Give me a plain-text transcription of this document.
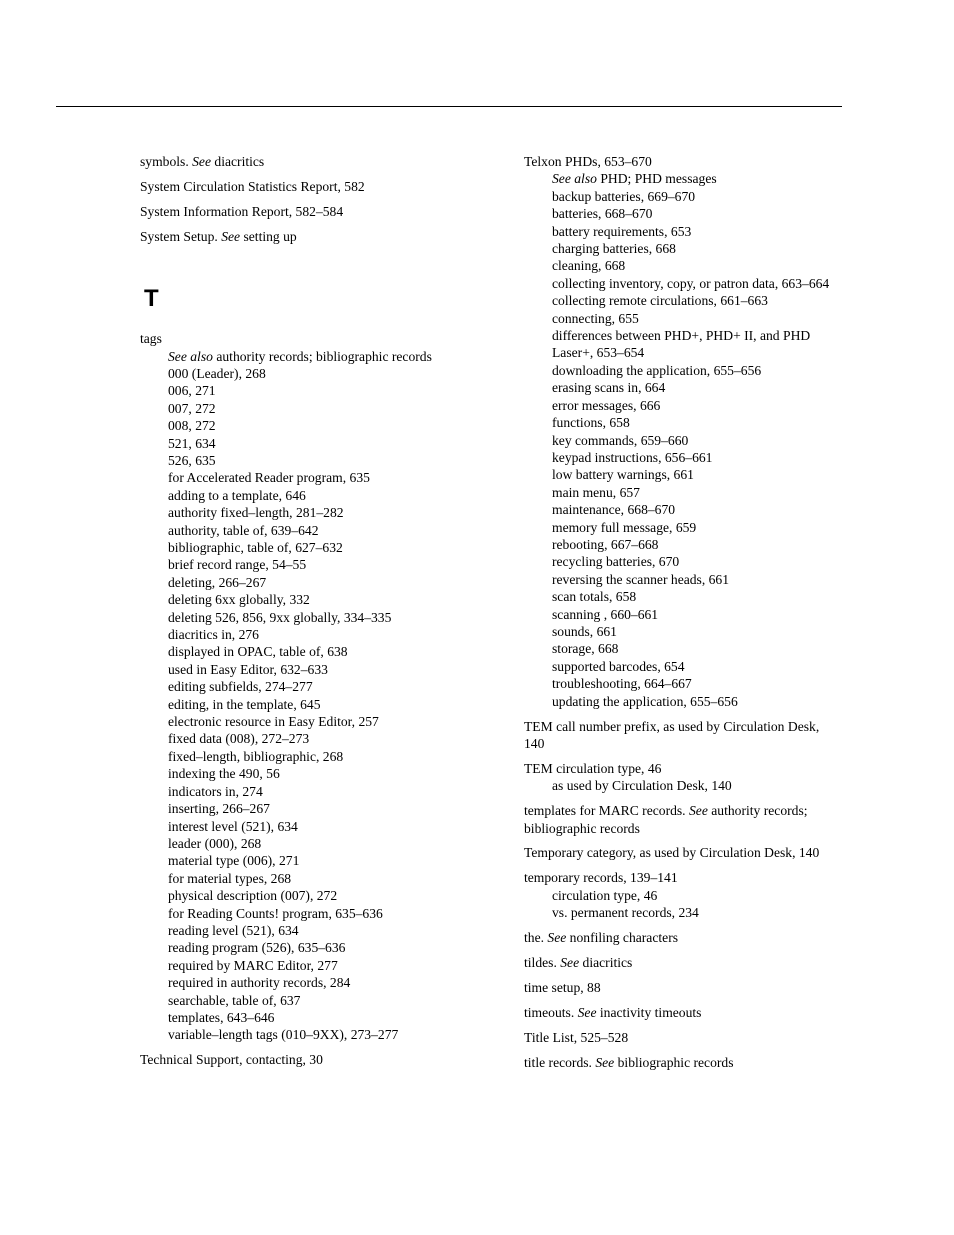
symbols. See diacritics
System Circulation Statistics Report, 582
System Information Report, 582–584
System Setup. See setting up
T
tags
See also authority records; bibliographic records
000 (Leader), 268
006, 271
007, 272
008, 272
521, 634
526, 635
for Accelerated Reader program, 635
adding to a template, 646
authority fixed–length, 281–282
authority, table of, 639–642
bibliographic, table of, 627–632
brief record range, 54–55
deleting, 266–267
deleting 6xx globally, 332
deleting 526, 856, 9xx globally, 334–335
diacritics in, 276
displayed in OPAC, table of, 638
used in Easy Editor, 632–633
editing subfields, 274–277
editing, in the template, 645
electronic resource in Easy Editor, 257
fixed data (008), 272–273
fixed–length, bibliographic, 268
indexing the 490, 56
indicators in, 274
inserting, 266–267
interest level (521), 634
leader (000), 268
material type (006), 271
for material types, 268
physical description (007), 272
for Reading Counts! program, 635–636
reading level (521), 634
reading program (526), 635–636
required by MARC Editor, 277
required in authority records, 284
searchable, table of, 637
templates, 643–646
variable–length tags (010–9XX), 273–277
Technical Support, contacting, 30
Telxon PHDs, 653–670
See also PHD; PHD messages
backup batteries, 669–670
batteries, 668–670
battery requirements, 653
charging batteries, 668
cleaning, 668
collecting inventory, copy, or patron data, 663–664
collecting remote circulations, 661–663
connecting, 655
differences between PHD+, PHD+ II, and PHD Laser+, 653–654
downloading the application, 655–656
erasing scans in, 664
error messages, 666
functions, 658
key commands, 659–660
keypad instructions, 656–661
low battery warnings, 661
main menu, 657
maintenance, 668–670
memory full message, 659
rebooting, 667–668
recycling batteries, 670
reversing the scanner heads, 661
scan totals, 658
scanning , 660–661
sounds, 661
storage, 668
supported barcodes, 654
troubleshooting, 664–667
updating the application, 655–656
TEM call number prefix, as used by Circulation Desk, 140
TEM circulation type, 46
as used by Circulation Desk, 140
templates for MARC records. See authority records; bibliographic records
Temporary category, as used by Circulation Desk, 140
temporary records, 139–141
circulation type, 46
vs. permanent records, 234
the. See nonfiling characters
tildes. See diacritics
time setup, 88
timeouts. See inactivity timeouts
Title List, 525–528
title records. See bibliographic records
